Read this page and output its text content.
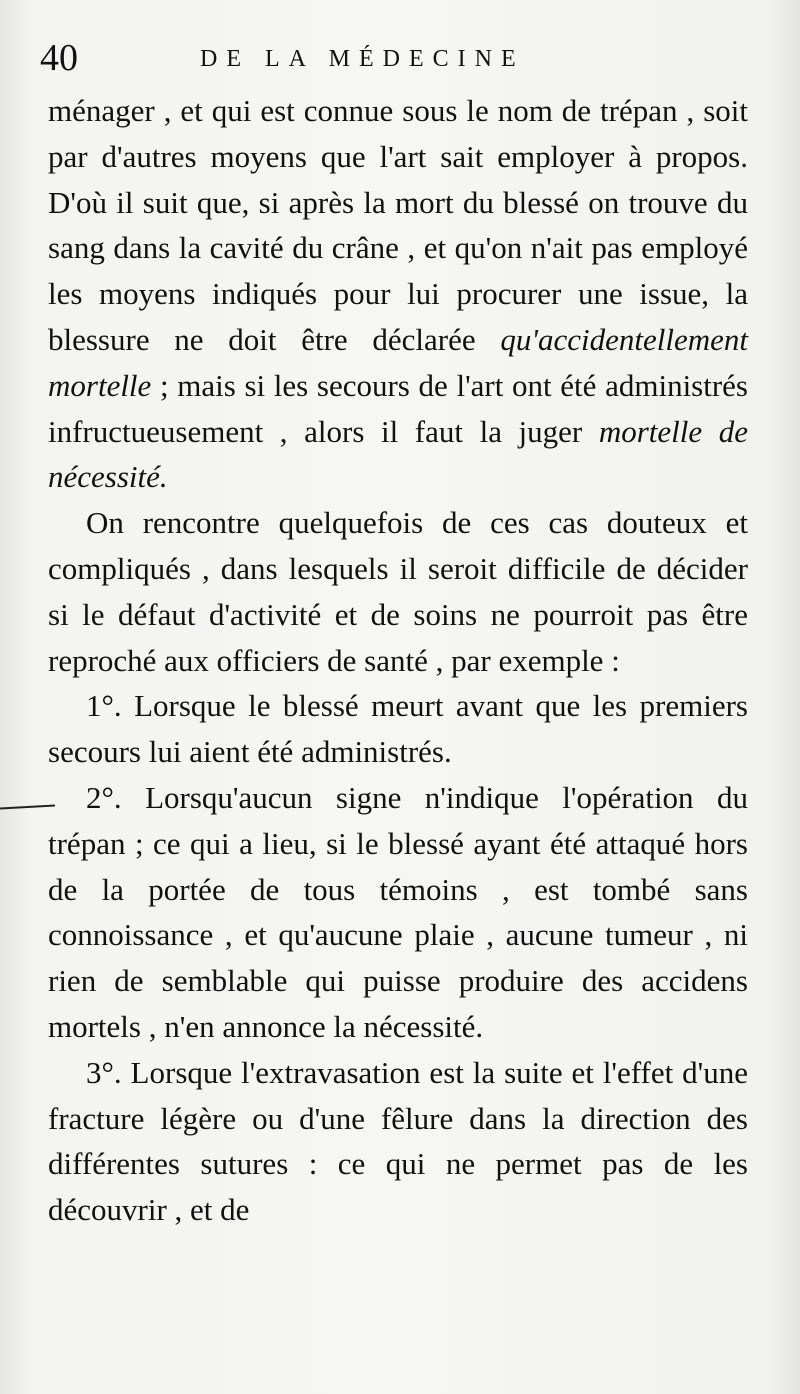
40	DE LA MÉDECINE

ménager , et qui est connue sous le nom de trépan , soit par d'autres moyens que l'art sait employer à propos. D'où il suit que, si après la mort du blessé on trouve du sang dans la cavité du crâne , et qu'on n'ait pas employé les moyens indiqués pour lui procurer une issue, la blessure ne doit être déclarée qu'accidentellement mortelle ; mais si les secours de l'art ont été administrés infructueusement , alors il faut la juger mortelle de nécessité.

On rencontre quelquefois de ces cas douteux et compliqués , dans lesquels il seroit difficile de décider si le défaut d'activité et de soins ne pourroit pas être reproché aux officiers de santé , par exemple :

1°. Lorsque le blessé meurt avant que les premiers secours lui aient été administrés.

2°. Lorsqu'aucun signe n'indique l'opération du trépan ; ce qui a lieu, si le blessé ayant été attaqué hors de la portée de tous témoins , est tombé sans connoissance , et qu'aucune plaie , aucune tumeur , ni rien de semblable qui puisse produire des accidens mortels , n'en annonce la nécessité.

3°. Lorsque l'extravasation est la suite et l'effet d'une fracture légère ou d'une fêlure dans la direction des différentes sutures : ce qui ne permet pas de les découvrir , et de
